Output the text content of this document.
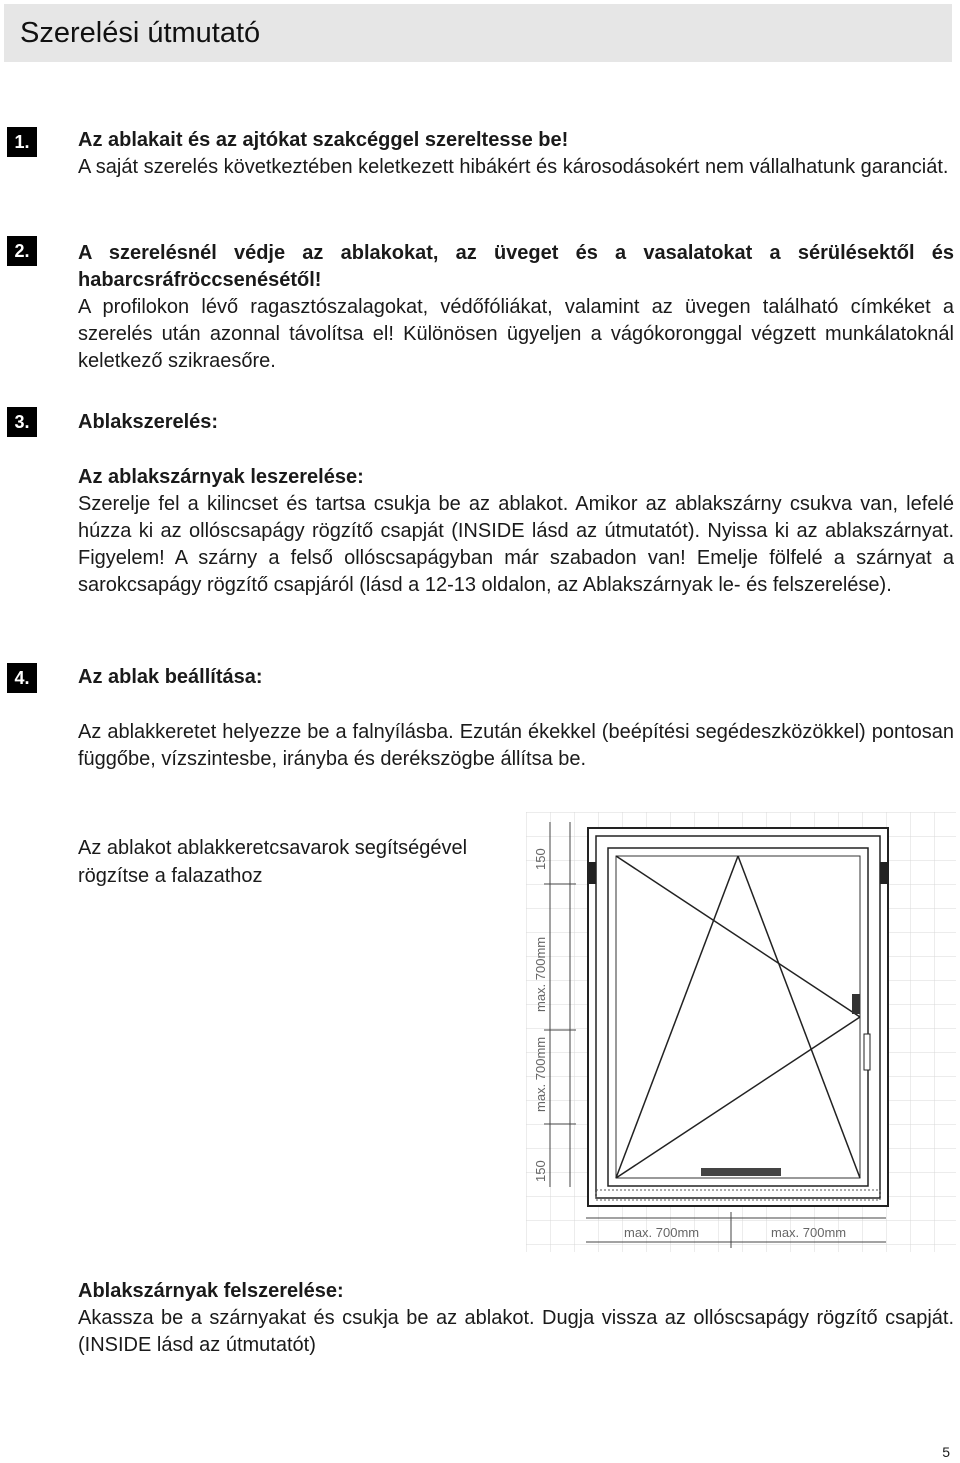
Szerelési útmutató
1.	Az ablakait és az ajtókat szakcéggel szereltesse be!

A saját szerelés következtében keletkezett hibákért és károsodásokért nem vállalhatunk garanciát.

2.	A szerelésnél védje az ablakokat, az üveget és a vasalatokat a sérülésektől és habarcsráfröccsenésétől!

A profilokon lévő ragasztószalagokat, védőfóliákat, valamint az üvegen található címkéket a szerelés után azonnal távolítsa el! Különösen ügyeljen a vágókoronggal végzett munkálatoknál keletkező szikraesőre.

3.	Ablakszerelés:

Az ablakszárnyak leszerelése:

Szerelje fel a kilincset és tartsa csukja be az ablakot. Amikor az ablakszárny csukva van, lefelé húzza ki az ollóscsapágy rögzítő csapját (INSIDE lásd az útmutatót). Nyissa ki az ablakszárnyat. Figyelem! A szárny a felső ollóscsapágyban már szabadon van! Emelje fölfelé a szárnyat a sarokcsapágy rögzítő csapjáról (lásd a 12-13 oldalon, az Ablakszárnyak le- és felszerelése).

4.	Az ablak beállítása:

Az ablakkeretet helyezze be a falnyílásba. Ezután ékekkel (beépítési segédeszközökkel) pontosan függőbe, vízszintesbe, irányba és derékszögbe állítsa be.

Az ablakot ablakkeretcsavarok segítségével rögzítse a falazathoz
150
max. 700mm
max. 700mm
150
max. 700mm	max. 700mm

Ablakszárnyak felszerelése:

Akassza be a szárnyakat és csukja be az ablakot. Dugja vissza az ollóscsapágy rögzítő csapját. (INSIDE lásd az útmutatót)

5
